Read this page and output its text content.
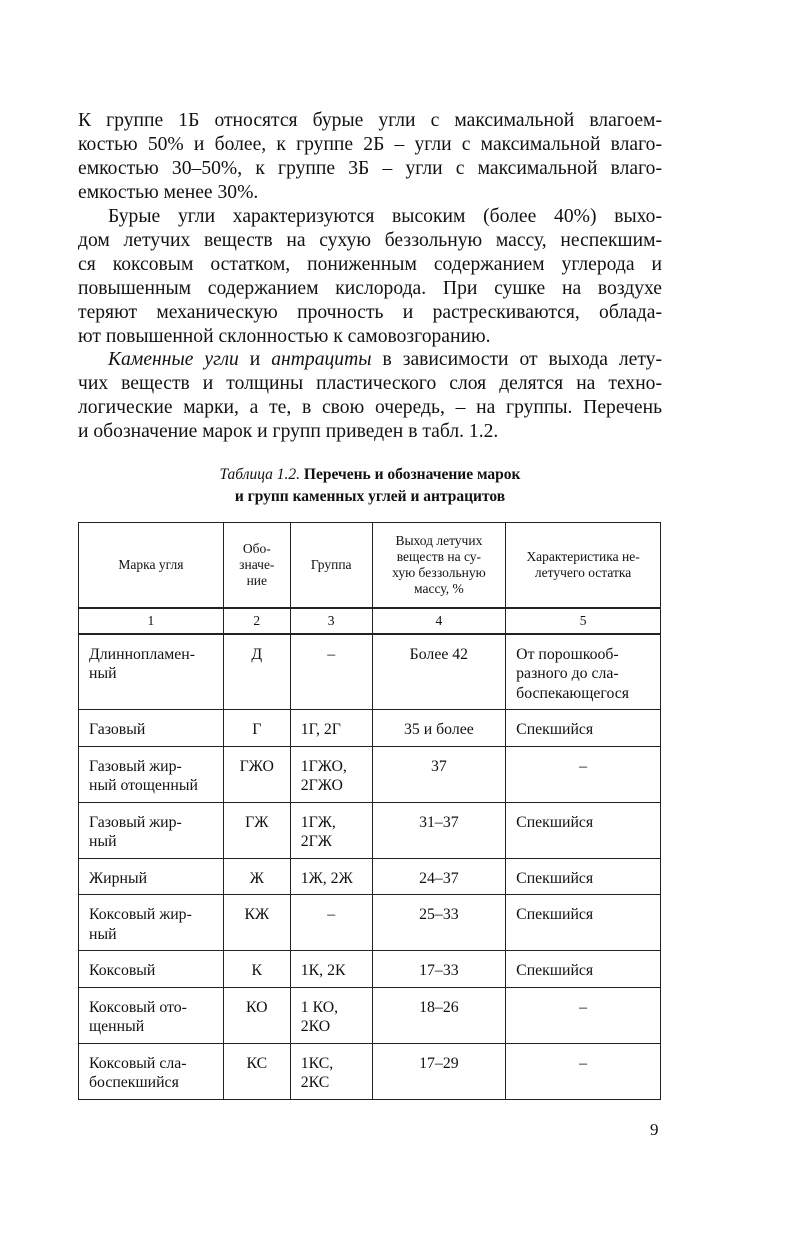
К группе 1Б относятся бурые угли с максимальной влагоем-
костью 50% и более, к группе 2Б – угли с максимальной влаго-
емкостью 30–50%, к группе 3Б – угли с максимальной влаго-
емкостью менее 30%.

Бурые угли характеризуются высоким (более 40%) выхо-
дом летучих веществ на сухую беззольную массу, неспекшим-
ся коксовым остатком, пониженным содержанием углерода и
повышенным содержанием кислорода. При сушке на воздухе
теряют механическую прочность и растрескиваются, облада-
ют повышенной склонностью к самовозгоранию.

Каменные угли и антрациты в зависимости от выхода лету-
чих веществ и толщины пластического слоя делятся на техно-
логические марки, а те, в свою очередь, – на группы. Перечень
и обозначение марок и групп приведен в табл. 1.2.

Таблица 1.2. Перечень и обозначение марок
и групп каменных углей и антрацитов
Марка угля	Обо-
значе-
ние	Группа	Выход летучих
веществ на су-
хую беззольную
массу, %	Характеристика не-
летучего остатка
1	2	3	4	5
Длиннопламен-
ный	Д	–	Более 42	От порошкооб-
разного до сла-
боспекающегося
Газовый	Г	1Г, 2Г	35 и более	Спекшийся
Газовый жир-
ный отощенный	ГЖО	1ГЖО,
2ГЖО	37	–
Газовый жир-
ный	ГЖ	1ГЖ,
2ГЖ	31–37	Спекшийся
Жирный	Ж	1Ж, 2Ж	24–37	Спекшийся
Коксовый жир-
ный	КЖ	–	25–33	Спекшийся
Коксовый	К	1К, 2К	17–33	Спекшийся
Коксовый ото-
щенный	КО	1 КО,
2КО	18–26	–
Коксовый сла-
боспекшийся	КС	1КС,
2КС	17–29	–
9
